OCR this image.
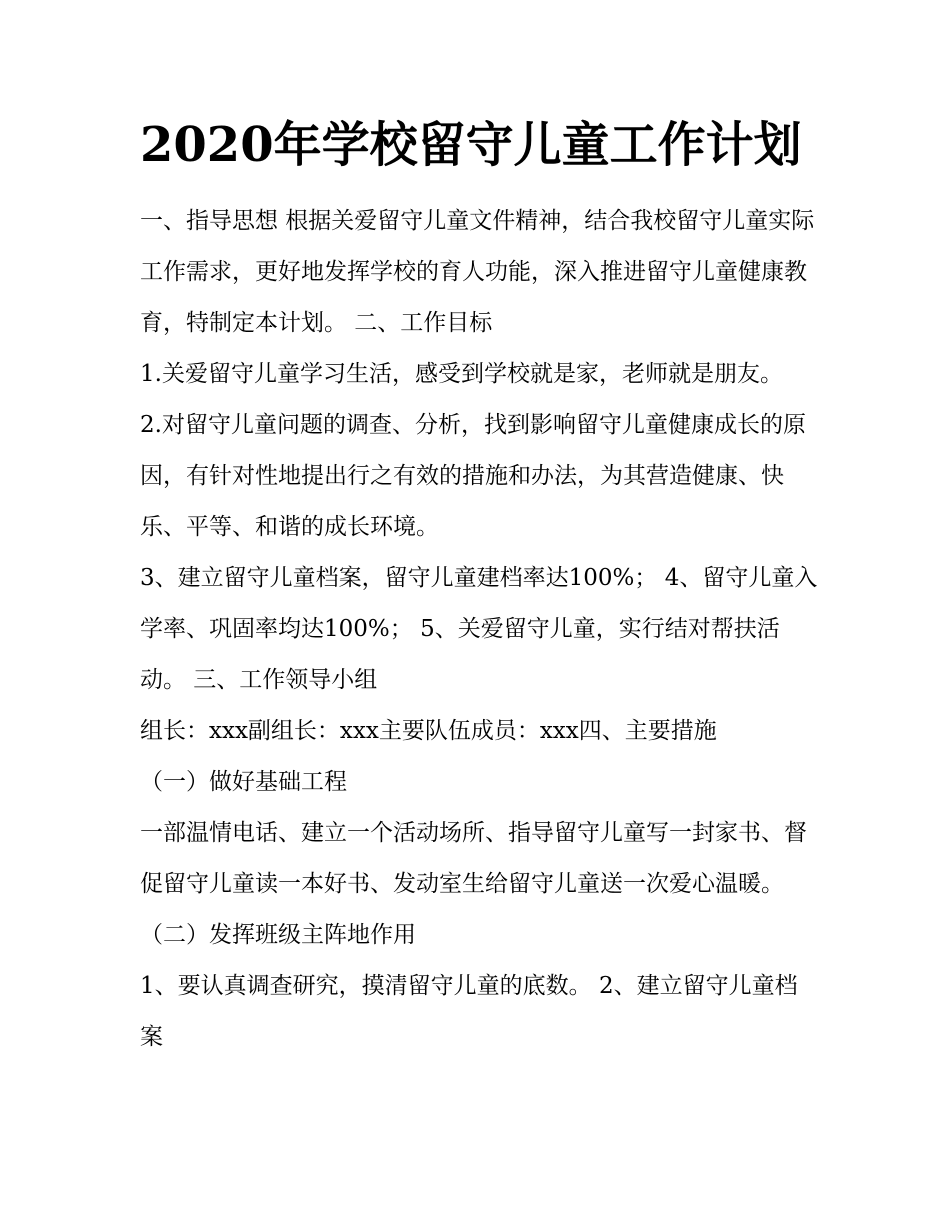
2020年学校留守儿童工作计划

一、指导思想 根据关爱留守儿童文件精神，结合我校留守儿童实际工作需求，更好地发挥学校的育人功能，深入推进留守儿童健康教育，特制定本计划。 二、工作目标

1.关爱留守儿童学习生活，感受到学校就是家，老师就是朋友。

2.对留守儿童问题的调查、分析，找到影响留守儿童健康成长的原因，有针对性地提出行之有效的措施和办法，为其营造健康、快乐、平等、和谐的成长环境。

3、建立留守儿童档案，留守儿童建档率达100%； 4、留守儿童入学率、巩固率均达100%； 5、关爱留守儿童，实行结对帮扶活动。 三、工作领导小组

组长：xxx副组长：xxx主要队伍成员：xxx四、主要措施

（一）做好基础工程

一部温情电话、建立一个活动场所、指导留守儿童写一封家书、督促留守儿童读一本好书、发动室生给留守儿童送一次爱心温暖。（二）发挥班级主阵地作用

1、要认真调查研究，摸清留守儿童的底数。 2、建立留守儿童档案
